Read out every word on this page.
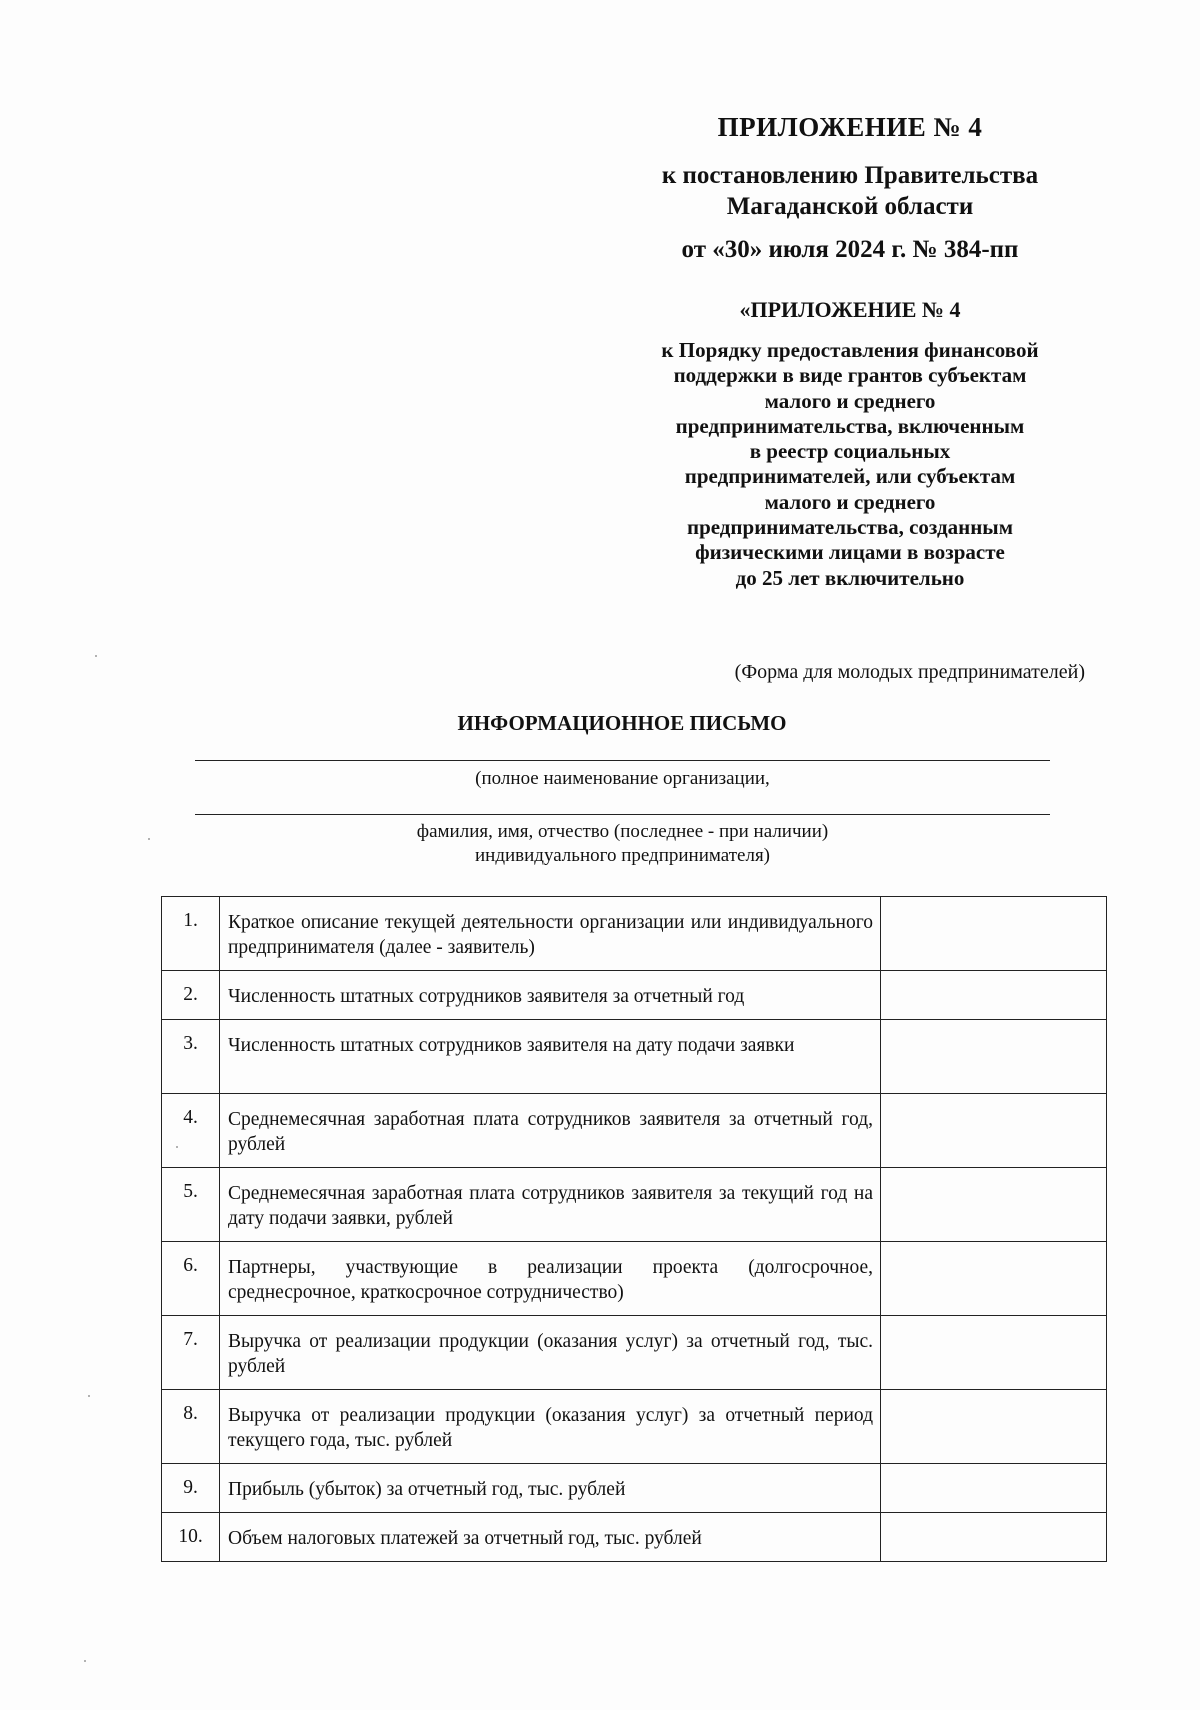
ПРИЛОЖЕНИЕ № 4
к постановлению Правительства
Магаданской области
от «30» июля 2024 г. № 384-пп
«ПРИЛОЖЕНИЕ № 4
к Порядку предоставления финансовой
поддержки в виде грантов субъектам
малого и среднего
предпринимательства, включенным
в реестр социальных
предпринимателей, или субъектам
малого и среднего
предпринимательства, созданным
физическими лицами в возрасте
до 25 лет включительно
(Форма для молодых предпринимателей)
ИНФОРМАЦИОННОЕ ПИСЬМО
(полное наименование организации,
фамилия, имя, отчество (последнее - при наличии)
индивидуального предпринимателя)
1.	Краткое описание текущей деятельности организации или индивидуального предпринимателя (далее - заявитель)	
2.	Численность штатных сотрудников заявителя за отчетный год	
3.	Численность штатных сотрудников заявителя на дату подачи заявки	
4.	Среднемесячная заработная плата сотрудников заявителя за отчетный год, рублей	
5.	Среднемесячная заработная плата сотрудников заявителя за текущий год на дату подачи заявки, рублей	
6.	Партнеры, участвующие в реализации проекта (долгосрочное, среднесрочное, краткосрочное сотрудничество)	
7.	Выручка от реализации продукции (оказания услуг) за отчетный год, тыс. рублей	
8.	Выручка от реализации продукции (оказания услуг) за отчетный период текущего года, тыс. рублей	
9.	Прибыль (убыток) за отчетный год, тыс. рублей	
10.	Объем налоговых платежей за отчетный год, тыс. рублей	
